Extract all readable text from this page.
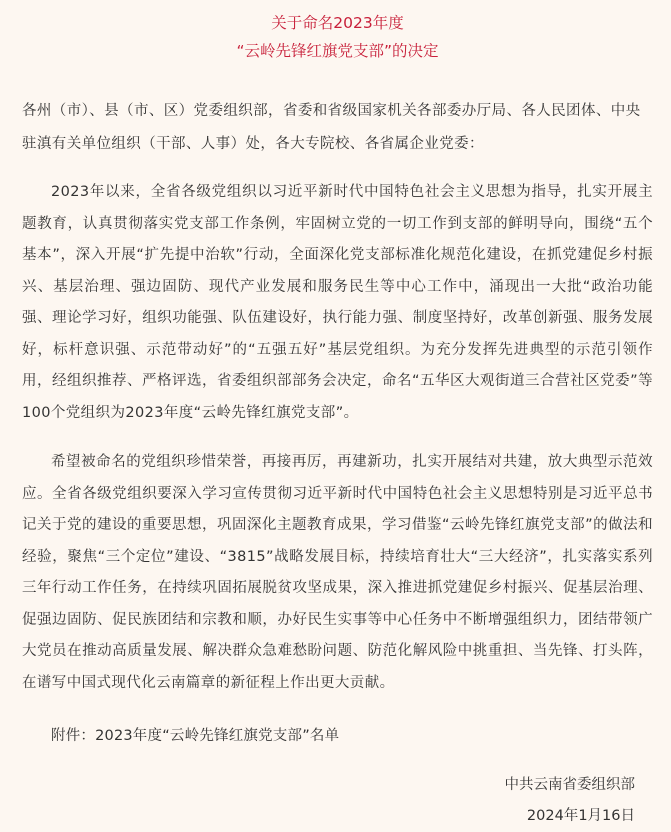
关于命名2023年度
“云岭先锋红旗党支部”的决定
各州（市）、县（市、区）党委组织部，省委和省级国家机关各部委办厅局、各人民团体、中央驻滇有关单位组织（干部、人事）处，各大专院校、各省属企业党委：

2023年以来，全省各级党组织以习近平新时代中国特色社会主义思想为指导，扎实开展主题教育，认真贯彻落实党支部工作条例，牢固树立党的一切工作到支部的鲜明导向，围绕“五个基本”，深入开展“扩先提中治软”行动，全面深化党支部标准化规范化建设，在抓党建促乡村振兴、基层治理、强边固防、现代产业发展和服务民生等中心工作中，涌现出一大批“政治功能强、理论学习好，组织功能强、队伍建设好，执行能力强、制度坚持好，改革创新强、服务发展好，标杆意识强、示范带动好”的“五强五好”基层党组织。为充分发挥先进典型的示范引领作用，经组织推荐、严格评选，省委组织部部务会决定，命名“五华区大观街道三合营社区党委”等100个党组织为2023年度“云岭先锋红旗党支部”。

希望被命名的党组织珍惜荣誉，再接再厉，再建新功，扎实开展结对共建，放大典型示范效应。全省各级党组织要深入学习宣传贯彻习近平新时代中国特色社会主义思想特别是习近平总书记关于党的建设的重要思想，巩固深化主题教育成果，学习借鉴“云岭先锋红旗党支部”的做法和经验，聚焦“三个定位”建设、“3815”战略发展目标，持续培育壮大“三大经济”，扎实落实系列三年行动工作任务，在持续巩固拓展脱贫攻坚成果，深入推进抓党建促乡村振兴、促基层治理、促强边固防、促民族团结和宗教和顺，办好民生实事等中心任务中不断增强组织力，团结带领广大党员在推动高质量发展、解决群众急难愁盼问题、防范化解风险中挑重担、当先锋、打头阵，在谱写中国式现代化云南篇章的新征程上作出更大贡献。

附件：2023年度“云岭先锋红旗党支部”名单
中共云南省委组织部
2024年1月16日
